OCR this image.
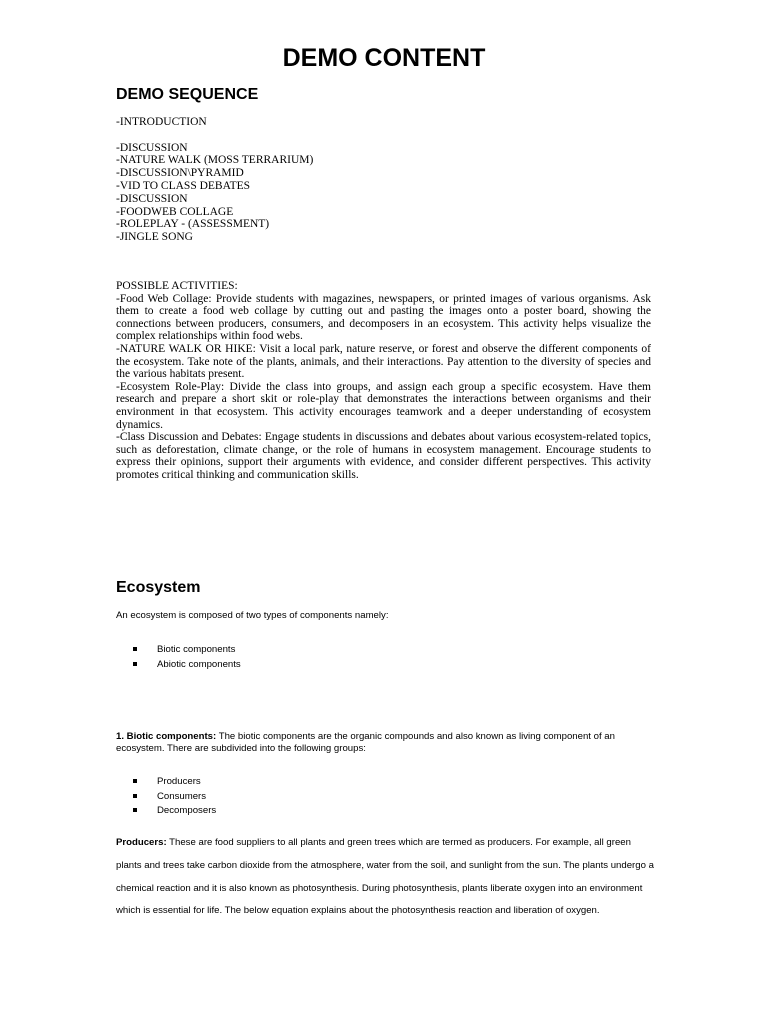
DEMO CONTENT
DEMO SEQUENCE
-INTRODUCTION
-DISCUSSION
-NATURE WALK (MOSS TERRARIUM)
-DISCUSSION\PYRAMID
-VID TO CLASS DEBATES
-DISCUSSION
-FOODWEB COLLAGE
-ROLEPLAY - (ASSESSMENT)
-JINGLE SONG

POSSIBLE ACTIVITIES:

-Food Web Collage: Provide students with magazines, newspapers, or printed images of various organisms. Ask them to create a food web collage by cutting out and pasting the images onto a poster board, showing the connections between producers, consumers, and decomposers in an ecosystem. This activity helps visualize the complex relationships within food webs.

-NATURE WALK OR HIKE: Visit a local park, nature reserve, or forest and observe the different components of the ecosystem. Take note of the plants, animals, and their interactions. Pay attention to the diversity of species and the various habitats present.

-Ecosystem Role-Play: Divide the class into groups, and assign each group a specific ecosystem. Have them research and prepare a short skit or role-play that demonstrates the interactions between organisms and their environment in that ecosystem. This activity encourages teamwork and a deeper understanding of ecosystem dynamics.

-Class Discussion and Debates: Engage students in discussions and debates about various ecosystem-related topics, such as deforestation, climate change, or the role of humans in ecosystem management. Encourage students to express their opinions, support their arguments with evidence, and consider different perspectives. This activity promotes critical thinking and communication skills.

Ecosystem

An ecosystem is composed of two types of components namely:

Biotic components
Abiotic components

1. Biotic components: The biotic components are the organic compounds and also known as living component of an ecosystem. There are subdivided into the following groups:

Producers
Consumers
Decomposers

Producers: These are food suppliers to all plants and green trees which are termed as producers. For example, all green plants and trees take carbon dioxide from the atmosphere, water from the soil, and sunlight from the sun. The plants undergo a chemical reaction and it is also known as photosynthesis. During photosynthesis, plants liberate oxygen into an environment which is essential for life. The below equation explains about the photosynthesis reaction and liberation of oxygen.
